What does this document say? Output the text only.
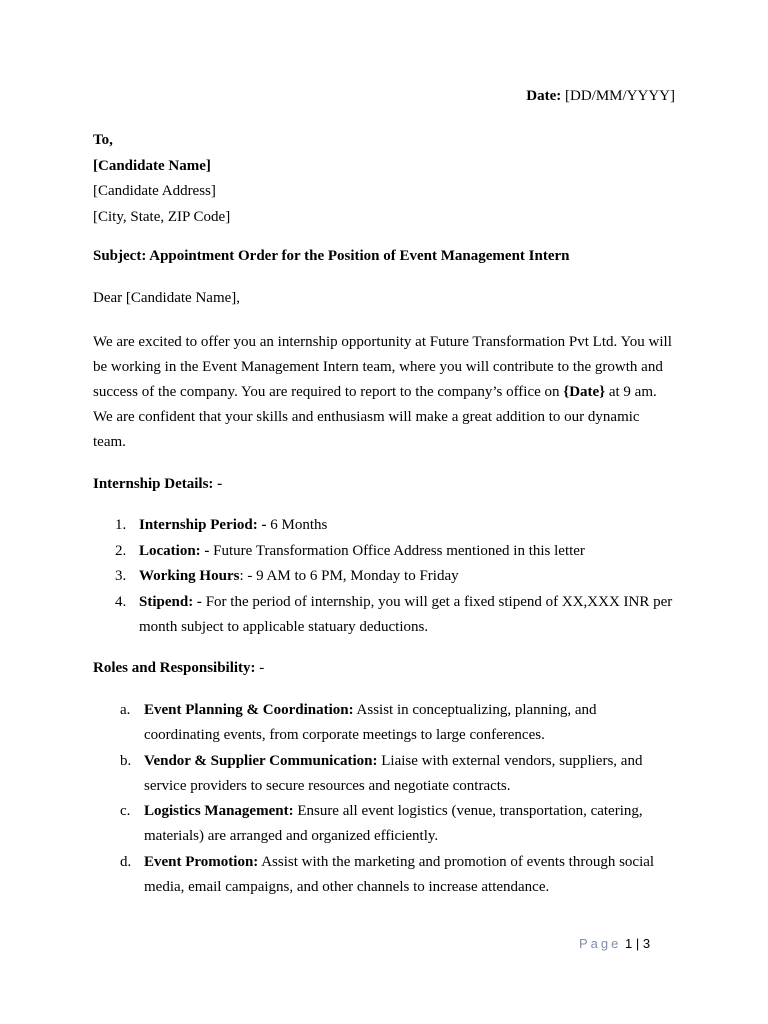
Date: [DD/MM/YYYY]
To,
[Candidate Name]
[Candidate Address]
[City, State, ZIP Code]
Subject: Appointment Order for the Position of Event Management Intern
Dear [Candidate Name],
We are excited to offer you an internship opportunity at Future Transformation Pvt Ltd. You will be working in the Event Management Intern team, where you will contribute to the growth and success of the company. You are required to report to the company’s office on {Date} at 9 am. We are confident that your skills and enthusiasm will make a great addition to our dynamic team.
Internship Details: -
1. Internship Period: - 6 Months
2. Location: - Future Transformation Office Address mentioned in this letter
3. Working Hours: - 9 AM to 6 PM, Monday to Friday
4. Stipend: - For the period of internship, you will get a fixed stipend of XX,XXX INR per month subject to applicable statuary deductions.
Roles and Responsibility: -
a. Event Planning & Coordination: Assist in conceptualizing, planning, and coordinating events, from corporate meetings to large conferences.
b. Vendor & Supplier Communication: Liaise with external vendors, suppliers, and service providers to secure resources and negotiate contracts.
c. Logistics Management: Ensure all event logistics (venue, transportation, catering, materials) are arranged and organized efficiently.
d. Event Promotion: Assist with the marketing and promotion of events through social media, email campaigns, and other channels to increase attendance.
Page 1 | 3
